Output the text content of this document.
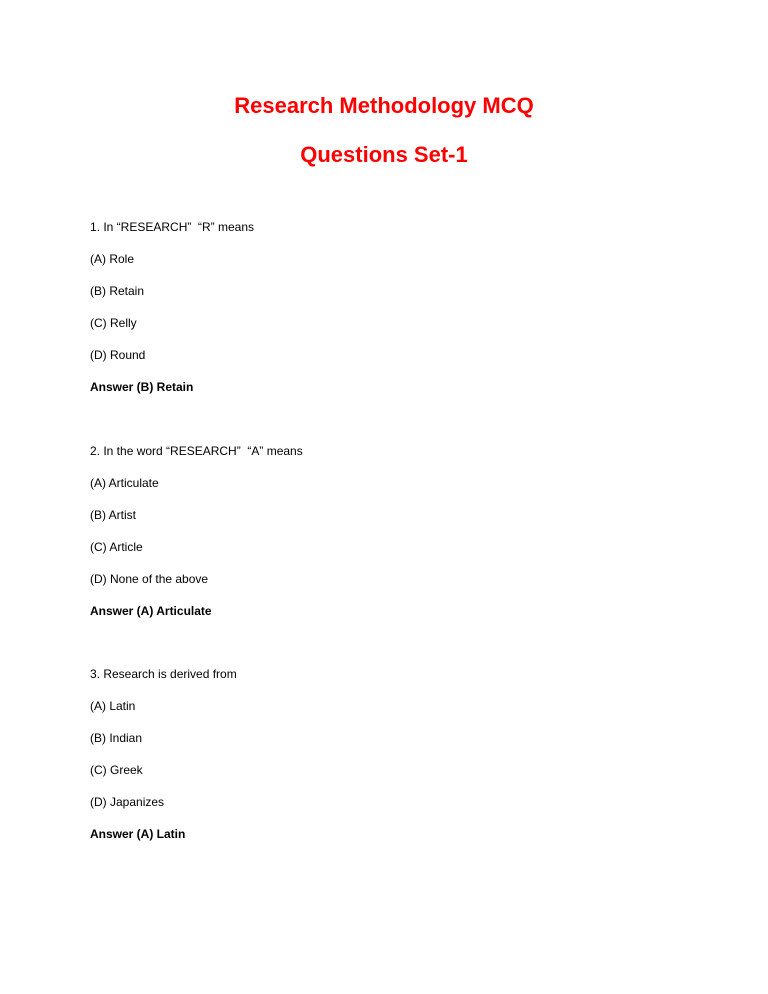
Research Methodology MCQ
Questions Set-1
1. In “RESEARCH”  “R” means
(A) Role
(B) Retain
(C) Relly
(D) Round
Answer (B) Retain
2. In the word “RESEARCH”  “A” means
(A) Articulate
(B) Artist
(C) Article
(D) None of the above
Answer (A) Articulate
3. Research is derived from
(A) Latin
(B) Indian
(C) Greek
(D) Japanizes
Answer (A) Latin
